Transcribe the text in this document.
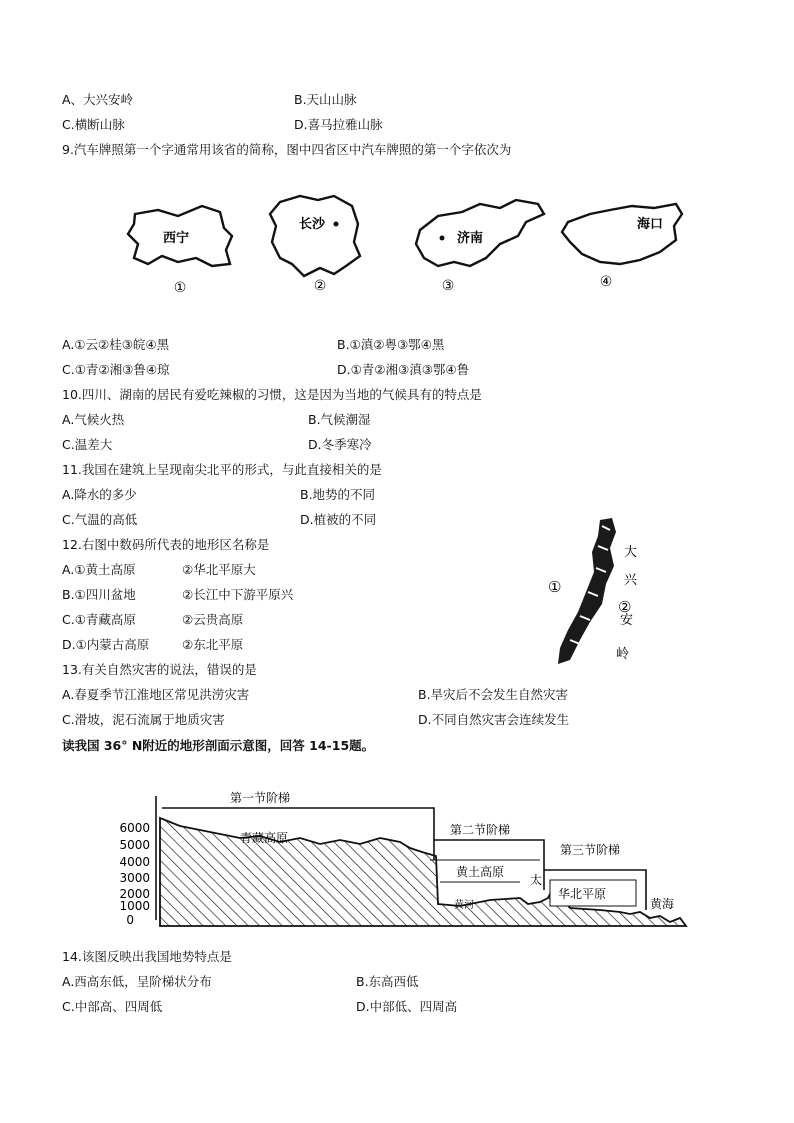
A、大兴安岭	B.天山山脉
C.横断山脉	D.喜马拉雅山脉
9.汽车牌照第一个字通常用该省的简称，图中四省区中汽车牌照的第一个字依次为
西宁
①
长沙
②
济南
③
海口
④
A.①云②桂③皖④黑	B.①滇②粤③鄂④黑
C.①青②湘③鲁④琼	D.①青②湘③滇③鄂④鲁
10.四川、湖南的居民有爱吃辣椒的习惯，这是因为当地的气候具有的特点是
A.气候火热	B.气候潮湿
C.温差大	D.冬季寒冷
11.我国在建筑上呈现南尖北平的形式，与此直接相关的是
A.降水的多少	B.地势的不同
C.气温的高低	D.植被的不同
12.右图中数码所代表的地形区名称是
A.①黄土高原	②华北平原大
B.①四川盆地	②长江中下游平原兴
C.①青藏高原	②云贵高原
D.①内蒙古高原	②东北平原
大
兴
安
岭
①
②
13.有关自然灾害的说法，错误的是
A.春夏季节江淮地区常见洪涝灾害	B.旱灾后不会发生自然灾害
C.滑坡，泥石流属于地质灾害	D.不同自然灾害会连续发生
读我国 36° N附近的地形剖面示意图，回答 14-15题。
6000
5000
4000
3000
2000
1000
0
第一节阶梯
第二节阶梯
第三节阶梯
青藏高原
黄土高原
太
华北平原
黄河	黄海
14.该图反映出我国地势特点是
A.西高东低，呈阶梯状分布	B.东高西低
C.中部高、四周低	D.中部低、四周高
